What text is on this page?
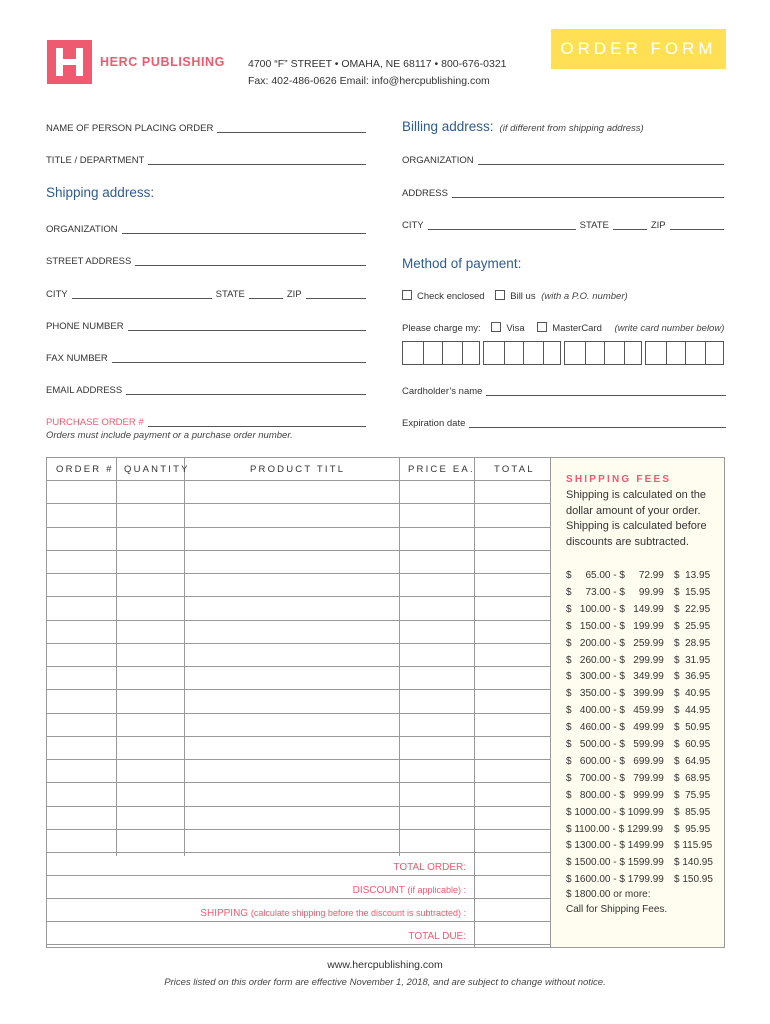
HERC PUBLISHING 4700 “F” STREET • OMAHA, NE 68117 • 800-676-0321
Fax: 402-486-0626 Email: info@hercpublishing.com
ORDER FORM
NAME OF PERSON PLACING ORDER
TITLE / DEPARTMENT
Shipping address:
ORGANIZATION
STREET ADDRESS
CITY	STATE	ZIP
PHONE NUMBER
FAX NUMBER
EMAIL ADDRESS
PURCHASE ORDER #
Orders must include payment or a purchase order number.
Billing address: (if different from shipping address)
ORGANIZATION
ADDRESS
CITY	STATE	ZIP
Method of payment:
Check enclosed	Bill us (with a P.O. number)
Please charge my:	Visa	MasterCard (write card number below)
Cardholder’s name
Expiration date
ORDER # QUANTITY	PRODUCT TITL	PRICE EA. TOTAL
TOTAL ORDER:
DISCOUNT (if applicable) :
SHIPPING (calculate shipping before the discount is subtracted) :
TOTAL DUE:
SHIPPING FEES
Shipping is calculated on the dollar amount of your order. Shipping is calculated before discounts are subtracted.
$     65.00 - $     72.99 $  13.95
$     73.00 - $     99.99 $  15.95
$   100.00 - $   149.99 $  22.95
$   150.00 - $   199.99 $  25.95
$   200.00 - $   259.99 $  28.95
$   260.00 - $   299.99 $  31.95
$   300.00 - $   349.99 $  36.95
$   350.00 - $   399.99 $  40.95
$   400.00 - $   459.99 $  44.95
$   460.00 - $   499.99 $  50.95
$   500.00 - $   599.99 $  60.95
$   600.00 - $   699.99 $  64.95
$   700.00 - $   799.99 $  68.95
$   800.00 - $   999.99 $  75.95
$ 1000.00 - $ 1099.99 $  85.95
$ 1100.00 - $ 1299.99 $  95.95
$ 1300.00 - $ 1499.99 $ 115.95
$ 1500.00 - $ 1599.99 $ 140.95
$ 1600.00 - $ 1799.99 $ 150.95
$ 1800.00 or more:
Call for Shipping Fees.
www.hercpublishing.com
Prices listed on this order form are effective November 1, 2018, and are subject to change without notice.
